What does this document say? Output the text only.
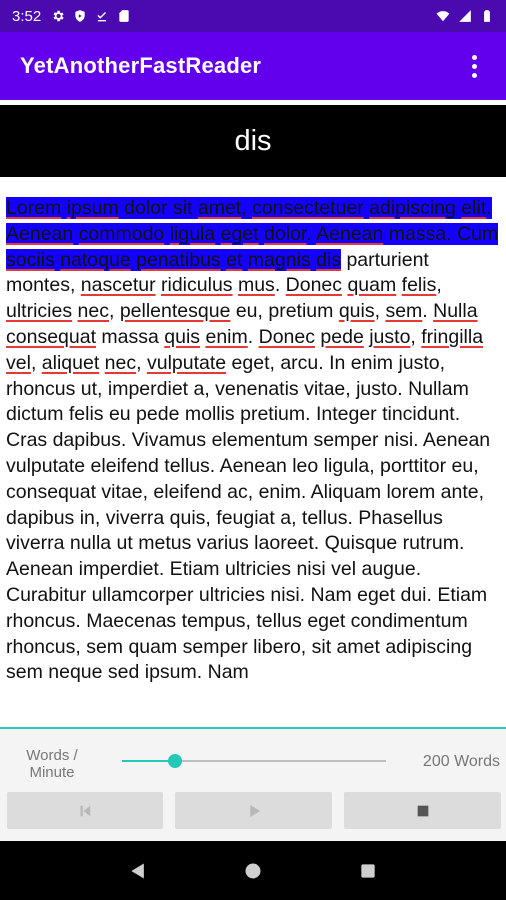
3:52
YetAnotherFastReader
dis
Lorem ipsum dolor sit amet, consectetuer adipiscing elit. Aenean commodo ligula eget dolor. Aenean massa. Cum sociis natoque penatibus et magnis dis parturient montes, nascetur ridiculus mus. Donec quam felis, ultricies nec, pellentesque eu, pretium quis, sem. Nulla consequat massa quis enim. Donec pede justo, fringilla vel, aliquet nec, vulputate eget, arcu. In enim justo, rhoncus ut, imperdiet a, venenatis vitae, justo. Nullam dictum felis eu pede mollis pretium. Integer tincidunt. Cras dapibus. Vivamus elementum semper nisi. Aenean vulputate eleifend tellus. Aenean leo ligula, porttitor eu, consequat vitae, eleifend ac, enim. Aliquam lorem ante, dapibus in, viverra quis, feugiat a, tellus. Phasellus viverra nulla ut metus varius laoreet. Quisque rutrum. Aenean imperdiet. Etiam ultricies nisi vel augue. Curabitur ullamcorper ultricies nisi. Nam eget dui. Etiam rhoncus. Maecenas tempus, tellus eget condimentum rhoncus, sem quam semper libero, sit amet adipiscing sem neque sed ipsum. Nam
Words / Minute
200 Words
